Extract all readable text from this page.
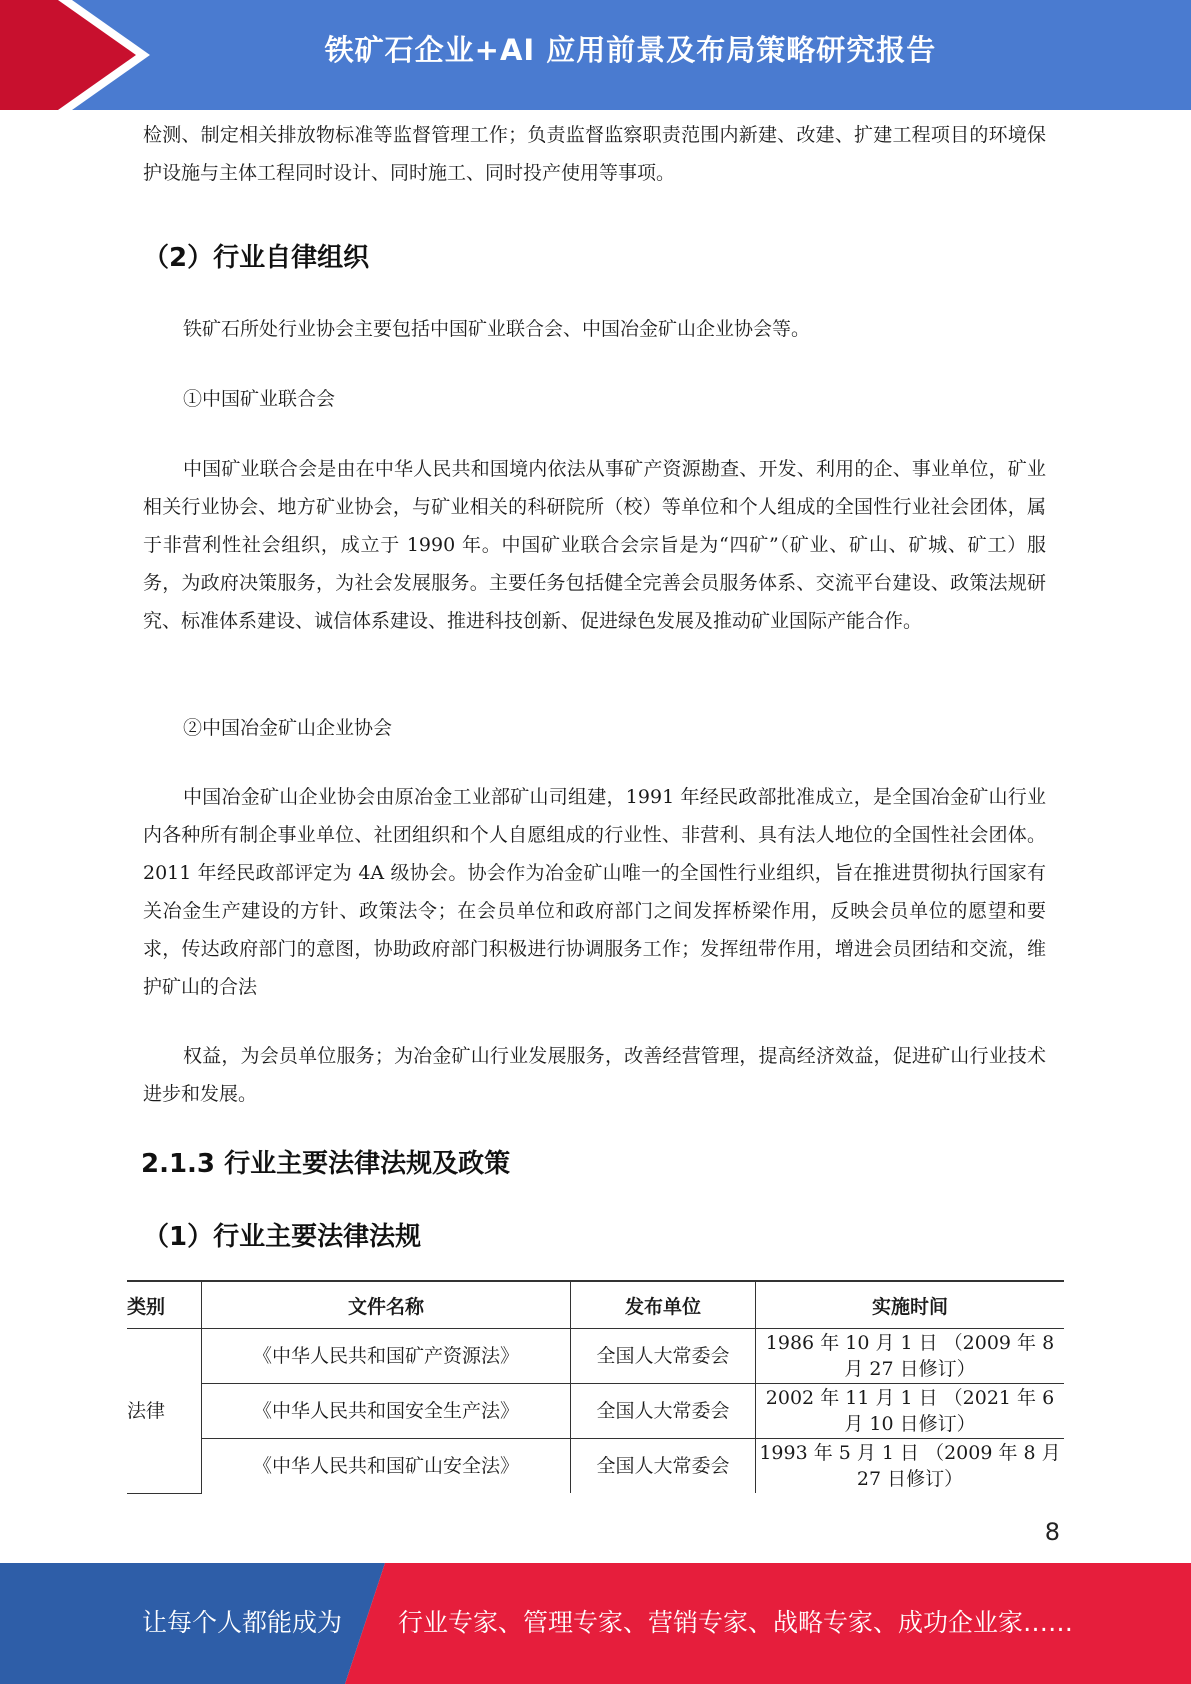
铁矿石企业+AI 应用前景及布局策略研究报告

检测、制定相关排放物标准等监督管理工作；负责监督监察职责范围内新建、改建、扩建工程项目的环境保护设施与主体工程同时设计、同时施工、同时投产使用等事项。

（2）行业自律组织

铁矿石所处行业协会主要包括中国矿业联合会、中国冶金矿山企业协会等。

①中国矿业联合会

中国矿业联合会是由在中华人民共和国境内依法从事矿产资源勘查、开发、利用的企、事业单位，矿业相关行业协会、地方矿业协会，与矿业相关的科研院所（校）等单位和个人组成的全国性行业社会团体，属于非营利性社会组织，成立于 1990 年。中国矿业联合会宗旨是为“四矿”（矿业、矿山、矿城、矿工）服务，为政府决策服务，为社会发展服务。主要任务包括健全完善会员服务体系、交流平台建设、政策法规研究、标准体系建设、诚信体系建设、推进科技创新、促进绿色发展及推动矿业国际产能合作。

②中国冶金矿山企业协会

中国冶金矿山企业协会由原冶金工业部矿山司组建，1991 年经民政部批准成立，是全国冶金矿山行业内各种所有制企事业单位、社团组织和个人自愿组成的行业性、非营利、具有法人地位的全国性社会团体。2011 年经民政部评定为 4A 级协会。协会作为冶金矿山唯一的全国性行业组织，旨在推进贯彻执行国家有关冶金生产建设的方针、政策法令；在会员单位和政府部门之间发挥桥梁作用，反映会员单位的愿望和要求，传达政府部门的意图，协助政府部门积极进行协调服务工作；发挥纽带作用，增进会员团结和交流，维护矿山的合法

权益，为会员单位服务；为冶金矿山行业发展服务，改善经营管理，提高经济效益，促进矿山行业技术进步和发展。

2.1.3 行业主要法律法规及政策
（1）行业主要法律法规
类别	文件名称	发布单位	实施时间
法律	《中华人民共和国矿产资源法》	全国人大常委会	1986 年 10 月 1 日 （2009 年 8 月 27 日修订）
	《中华人民共和国安全生产法》	全国人大常委会	2002 年 11 月 1 日 （2021 年 6 月 10 日修订）
	《中华人民共和国矿山安全法》	全国人大常委会	1993 年 5 月 1 日 （2009 年 8 月 27 日修订）
8
让每个人都能成为 行业专家、管理专家、营销专家、战略专家、成功企业家……
